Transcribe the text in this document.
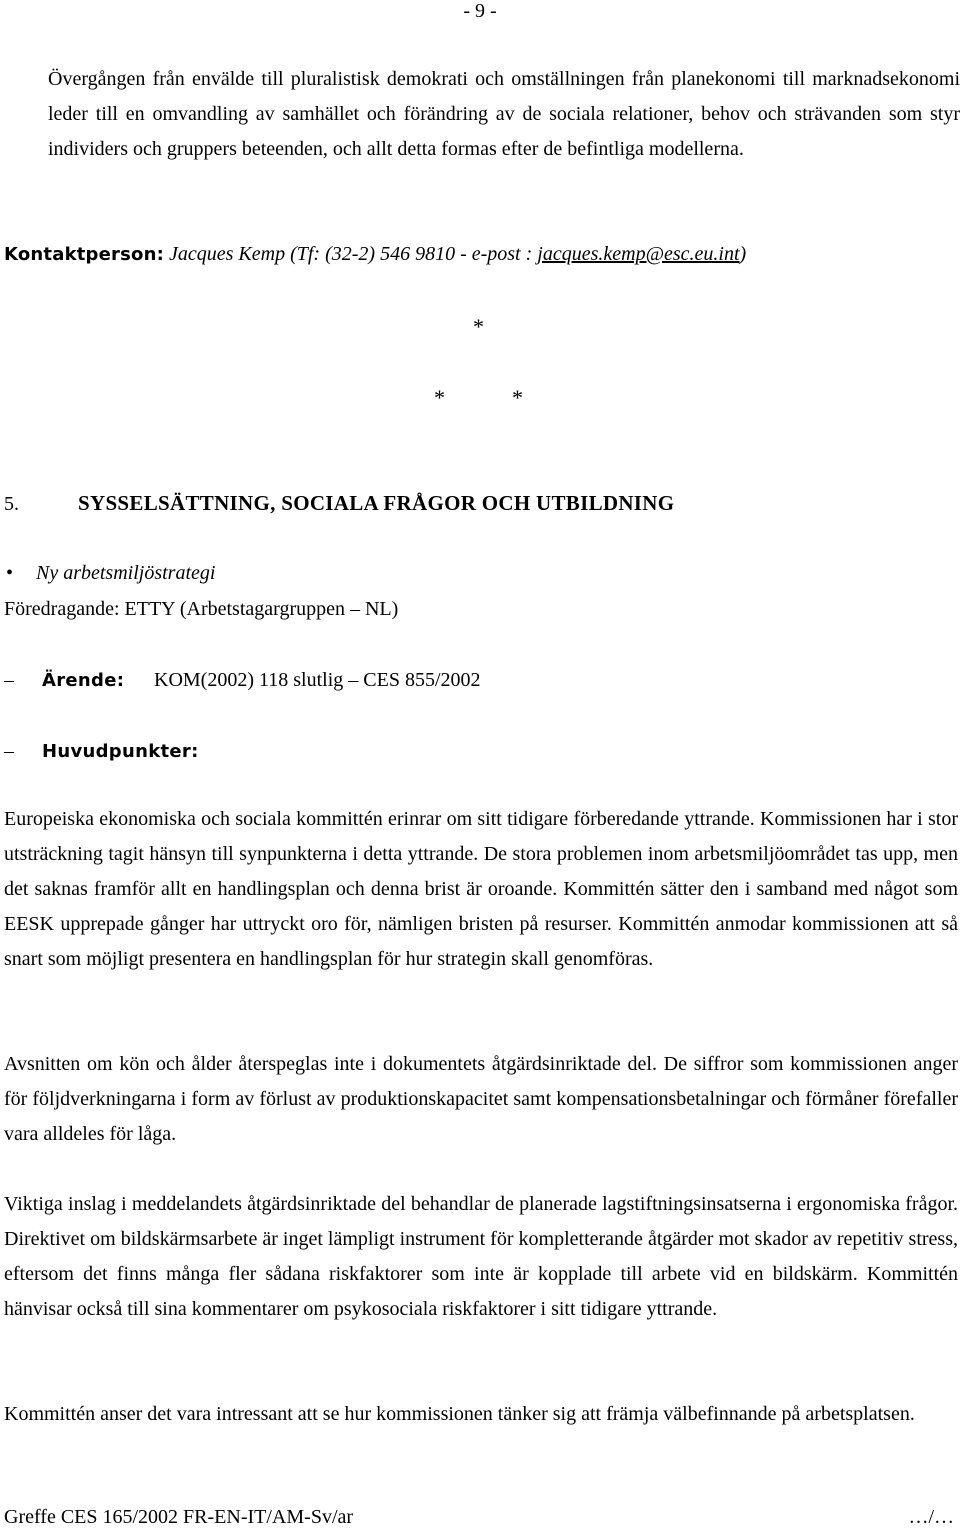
- 9 -

Övergången från envälde till pluralistisk demokrati och omställningen från planekonomi till marknadsekonomi leder till en omvandling av samhället och förändring av de sociala relationer, behov och strävanden som styr individers och gruppers beteenden, och allt detta formas efter de befintliga modellerna.

Kontaktperson: Jacques Kemp (Tf: (32-2) 546 9810 - e-post : jacques.kemp@esc.eu.int)

*
*	*

5.	SYSSELSÄTTNING, SOCIALA FRÅGOR OCH UTBILDNING

• Ny arbetsmiljöstrategi

Föredragande: ETTY (Arbetstagargruppen – NL)

– Ärende: KOM(2002) 118 slutlig – CES 855/2002

– Huvudpunkter:

Europeiska ekonomiska och sociala kommittén erinrar om sitt tidigare förberedande yttrande. Kommissionen har i stor utsträckning tagit hänsyn till synpunkterna i detta yttrande. De stora problemen inom arbetsmiljöområdet tas upp, men det saknas framför allt en handlingsplan och denna brist är oroande. Kommittén sätter den i samband med något som EESK upprepade gånger har uttryckt oro för, nämligen bristen på resurser. Kommittén anmodar kommissionen att så snart som möjligt presentera en handlingsplan för hur strategin skall genomföras.

Avsnitten om kön och ålder återspeglas inte i dokumentets åtgärdsinriktade del. De siffror som kommissionen anger för följdverkningarna i form av förlust av produktionskapacitet samt kompensationsbetalningar och förmåner förefaller vara alldeles för låga.

Viktiga inslag i meddelandets åtgärdsinriktade del behandlar de planerade lagstiftningsinsatserna i ergonomiska frågor. Direktivet om bildskärmsarbete är inget lämpligt instrument för kompletterande åtgärder mot skador av repetitiv stress, eftersom det finns många fler sådana riskfaktorer som inte är kopplade till arbete vid en bildskärm. Kommittén hänvisar också till sina kommentarer om psykosociala riskfaktorer i sitt tidigare yttrande.

Kommittén anser det vara intressant att se hur kommissionen tänker sig att främja välbefinnande på arbetsplatsen.

Greffe CES 165/2002 FR-EN-IT/AM-Sv/ar	…/…
